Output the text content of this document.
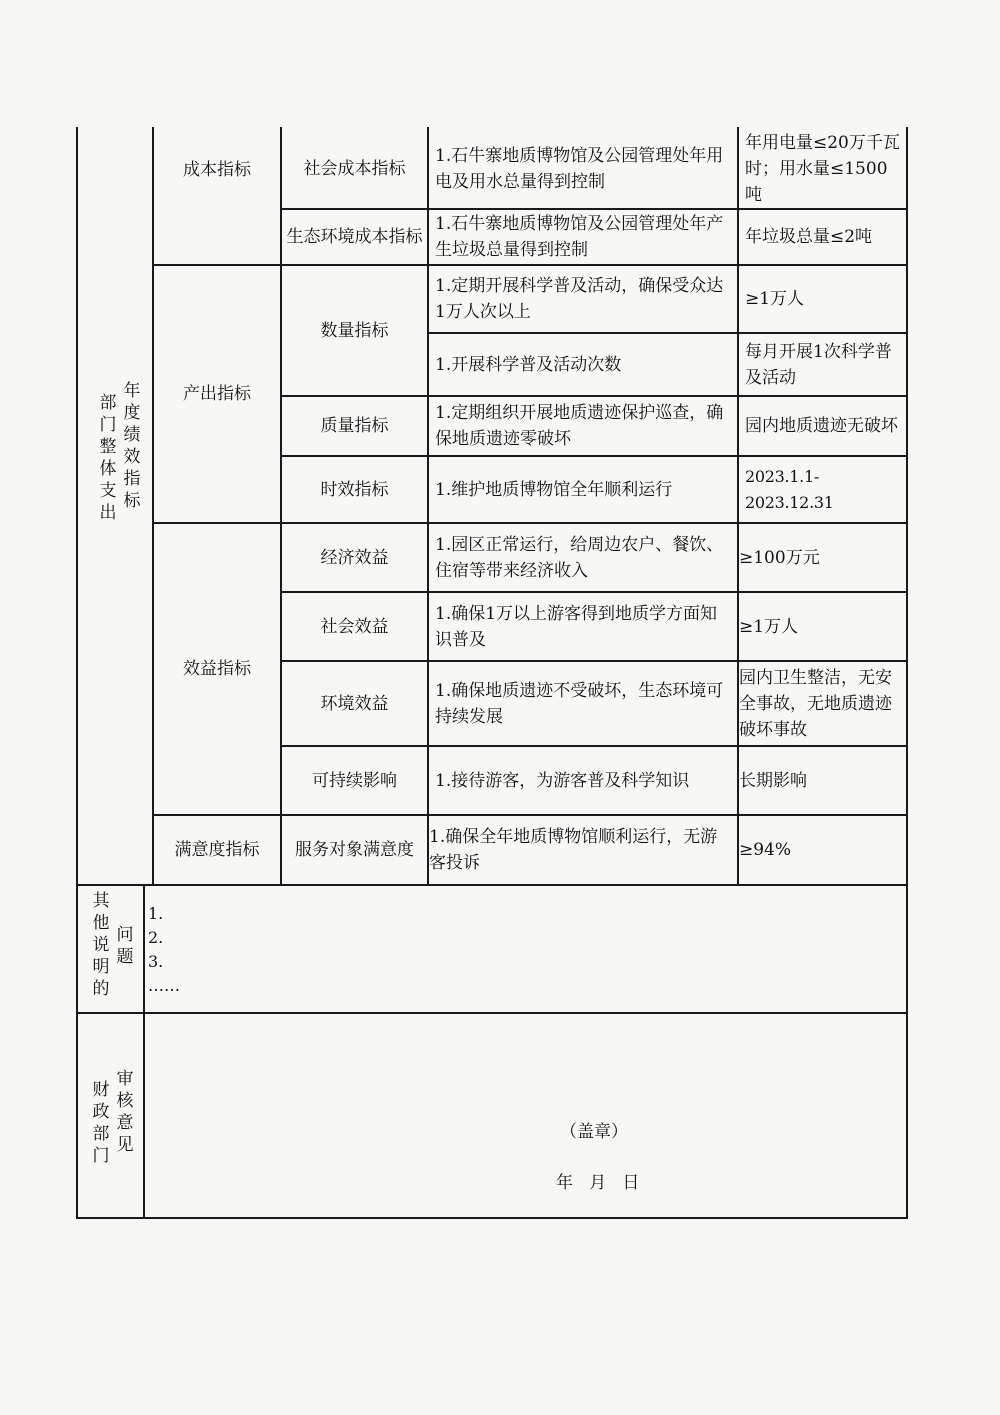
部
门
整
体
支
出
年
度
绩
效
指
标
成本指标
产出指标
效益指标
满意度指标
社会成本指标
生态环境成本指标
数量指标
质量指标
时效指标
经济效益
社会效益
环境效益
可持续影响
服务对象满意度
1.石牛寨地质博物馆及公园管理处年用电及用水总量得到控制
1.石牛寨地质博物馆及公园管理处年产生垃圾总量得到控制
1.定期开展科学普及活动，确保受众达1万人次以上
1.开展科学普及活动次数
1.定期组织开展地质遗迹保护巡查，确保地质遗迹零破坏
1.维护地质博物馆全年顺利运行
1.园区正常运行，给周边农户、餐饮、住宿等带来经济收入
1.确保1万以上游客得到地质学方面知识普及
1.确保地质遗迹不受破坏，生态环境可持续发展
1.接待游客，为游客普及科学知识
1.确保全年地质博物馆顺利运行，无游客投诉
年用电量≤20万千瓦时；用水量≤1500吨
年垃圾总量≤2吨
≥1万人
每月开展1次科学普及活动
园内地质遗迹无破坏
2023.1.1-2023.12.31
≥100万元
≥1万人
园内卫生整洁，无安全事故，无地质遗迹破坏事故
长期影响
≥94%
其
他
说
明
的
问
题
1.
2.
3.
……
财
政
部
门
审
核
意
见
（盖章）
年   月   日
